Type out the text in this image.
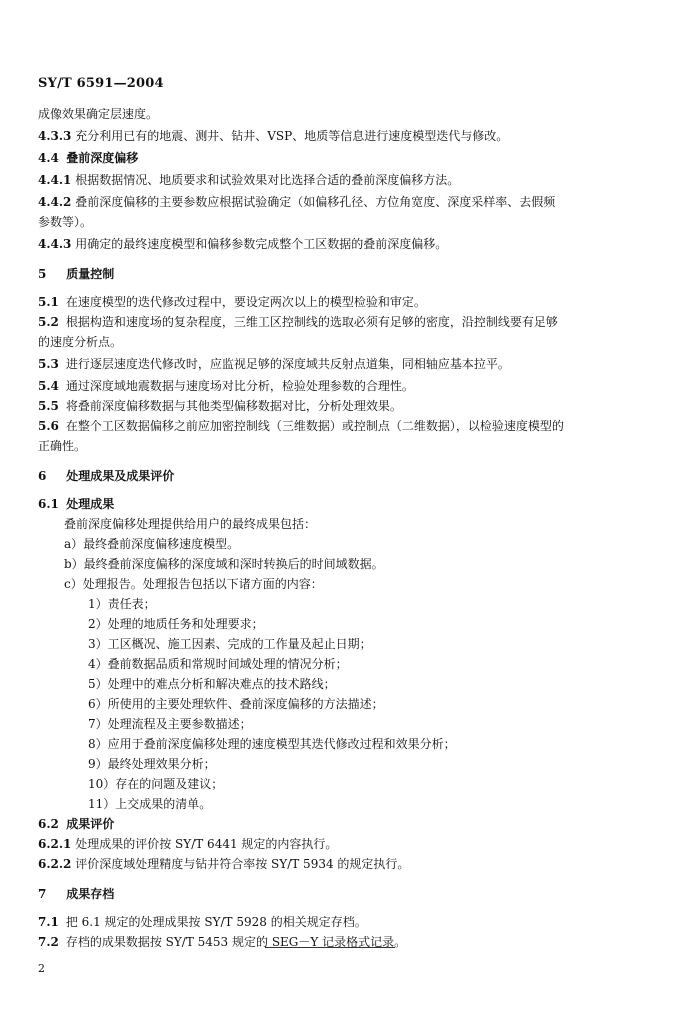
SY/T 6591—2004
成像效果确定层速度。
4.3.3 充分利用已有的地震、测井、钻井、VSP、地质等信息进行速度模型迭代与修改。
4.4 叠前深度偏移
4.4.1 根据数据情况、地质要求和试验效果对比选择合适的叠前深度偏移方法。
4.4.2 叠前深度偏移的主要参数应根据试验确定（如偏移孔径、方位角宽度、深度采样率、去假频
参数等）。
4.4.3 用确定的最终速度模型和偏移参数完成整个工区数据的叠前深度偏移。
5 质量控制
5.1 在速度模型的迭代修改过程中，要设定两次以上的模型检验和审定。
5.2 根据构造和速度场的复杂程度，三维工区控制线的选取必须有足够的密度，沿控制线要有足够
的速度分析点。
5.3 进行逐层速度迭代修改时，应监视足够的深度域共反射点道集，同相轴应基本拉平。
5.4 通过深度域地震数据与速度场对比分析，检验处理参数的合理性。
5.5 将叠前深度偏移数据与其他类型偏移数据对比，分析处理效果。
5.6 在整个工区数据偏移之前应加密控制线（三维数据）或控制点（二维数据），以检验速度模型的
正确性。
6 处理成果及成果评价
6.1 处理成果
叠前深度偏移处理提供给用户的最终成果包括：
a）最终叠前深度偏移速度模型。
b）最终叠前深度偏移的深度域和深时转换后的时间域数据。
c）处理报告。处理报告包括以下诸方面的内容：
1）责任表；
2）处理的地质任务和处理要求；
3）工区概况、施工因素、完成的工作量及起止日期；
4）叠前数据品质和常规时间域处理的情况分析；
5）处理中的难点分析和解决难点的技术路线；
6）所使用的主要处理软件、叠前深度偏移的方法描述；
7）处理流程及主要参数描述；
8）应用于叠前深度偏移处理的速度模型其迭代修改过程和效果分析；
9）最终处理效果分析；
10）存在的问题及建议；
11）上交成果的清单。
6.2 成果评价
6.2.1 处理成果的评价按 SY/T 6441 规定的内容执行。
6.2.2 评价深度域处理精度与钻井符合率按 SY/T 5934 的规定执行。
7 成果存档
7.1 把 6.1 规定的处理成果按 SY/T 5928 的相关规定存档。
7.2 存档的成果数据按 SY/T 5453 规定的 SEG－Y 记录格式记录。
2
